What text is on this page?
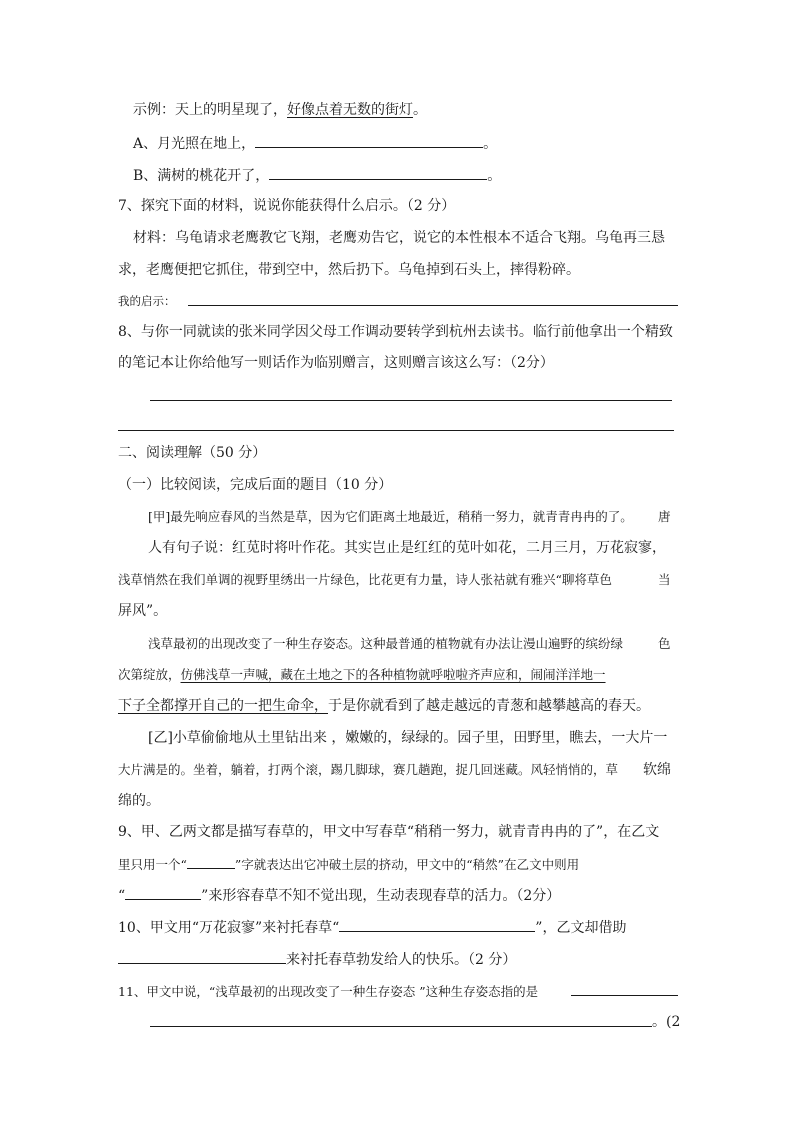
示例：天上的明星现了，好像点着无数的街灯。
A、月光照在地上，	。
B、满树的桃花开了，	。
7、探究下面的材料，说说你能获得什么启示。（2 分）
材料：乌龟请求老鹰教它飞翔，老鹰劝告它，说它的本性根本不适合飞翔。乌龟再三恳
求，老鹰便把它抓住，带到空中，然后扔下。乌龟掉到石头上，摔得粉碎。
我的启示：
8、与你一同就读的张米同学因父母工作调动要转学到杭州去读书。临行前他拿出一个精致
的笔记本让你给他写一则话作为临别赠言，这则赠言该这么写：（2分）
二、阅读理解（50 分）
（一）比较阅读，完成后面的题目（10 分）
[甲]最先响应春风的当然是草，因为它们距离土地最近，稍稍一努力，就青青冉冉的了。 唐
人有句子说：红苋时将叶作花。其实岂止是红红的苋叶如花，二月三月，万花寂寥，
浅草悄然在我们单调的视野里绣出一片绿色，比花更有力量，诗人张祜就有雅兴“聊将草色	当
屏风”。
浅草最初的出现改变了一种生存姿态。这种最普通的植物就有办法让漫山遍野的缤纷绿	色
次第绽放，仿佛浅草一声喊，藏在土地之下的各种植物就呼啦啦齐声应和，闹闹洋洋地一
下子全都撑开自己的一把生命伞，于是你就看到了越走越远的青葱和越攀越高的春天。
[乙]小草偷偷地从土里钻出来 ，嫩嫩的，绿绿的。园子里，田野里，瞧去，一大片一
大片满是的。坐着，躺着，打两个滚，踢几脚球，赛几趟跑，捉几回迷藏。风轻悄悄的，草 软绵
绵的。
9、甲、乙两文都是描写春草的，甲文中写春草“稍稍一努力，就青青冉冉的了”，在乙文
里只用一个“	”字就表达出它冲破土层的挤动，甲文中的“稍然”在乙文中则用
“	”来形容春草不知不觉出现，生动表现春草的活力。（2分）
10、甲文用“万花寂寥”来衬托春草“	”，乙文却借助
来衬托春草勃发给人的快乐。（2 分）
11、甲文中说，“浅草最初的出现改变了一种生存姿态 ”这种生存姿态指的是
。(2
